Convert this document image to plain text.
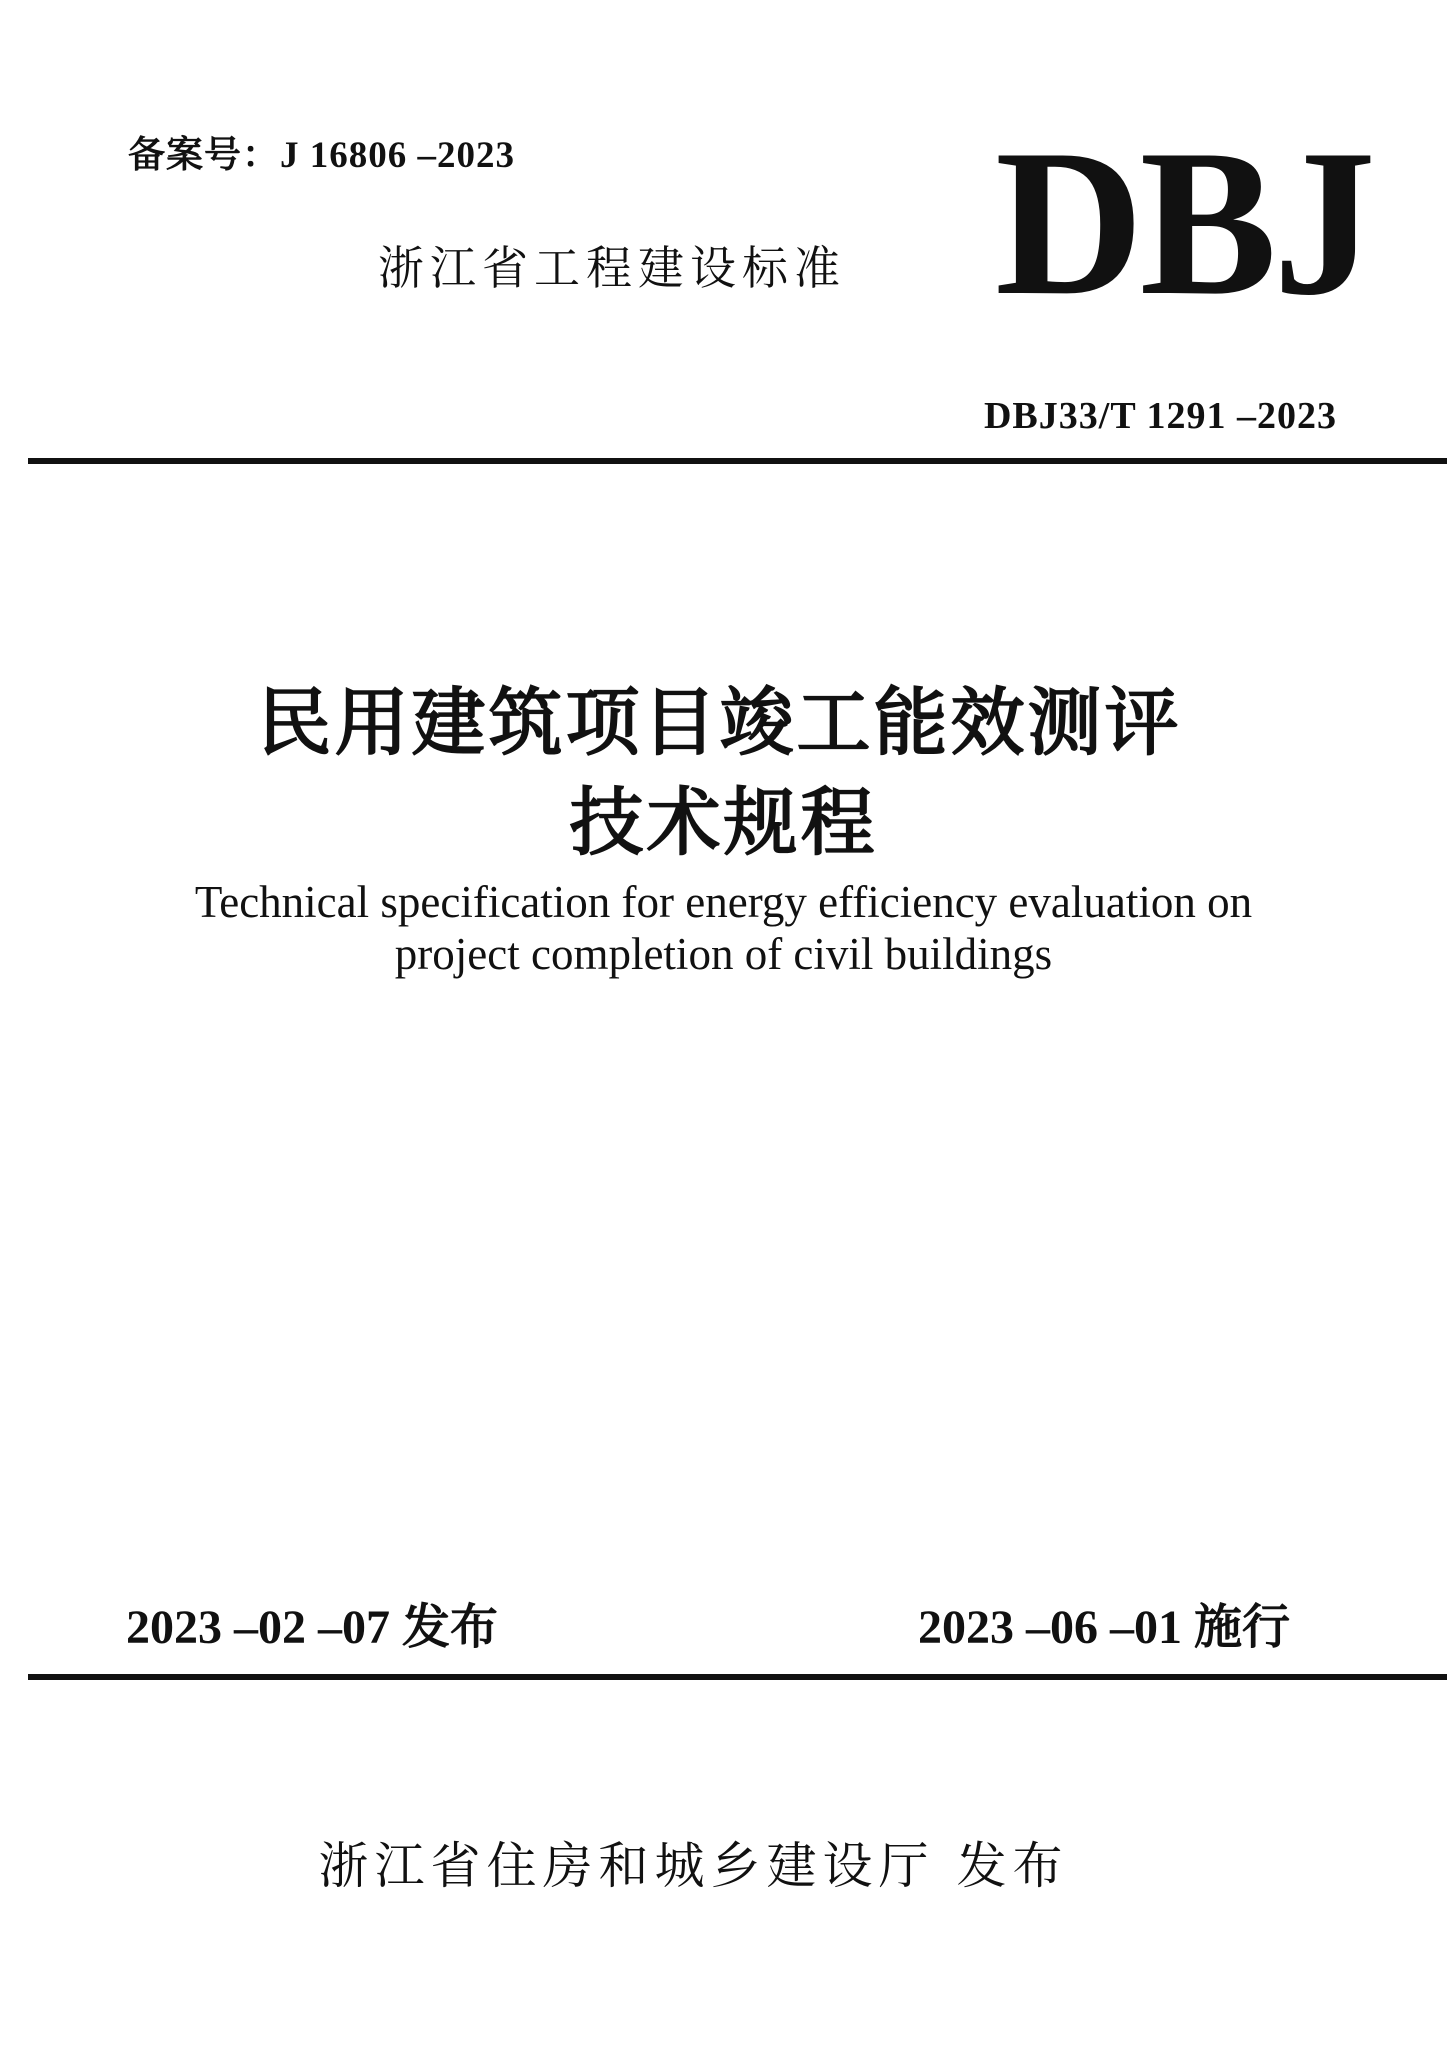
备案号：J 16806 –2023
浙江省工程建设标准 DBJ
DBJ33/T 1291 –2023
民用建筑项目竣工能效测评
技术规程
Technical specification for energy efficiency evaluation on
project completion of civil buildings
2023 –02 –07 发布	2023 –06 –01 施行
浙江省住房和城乡建设厅 发布
